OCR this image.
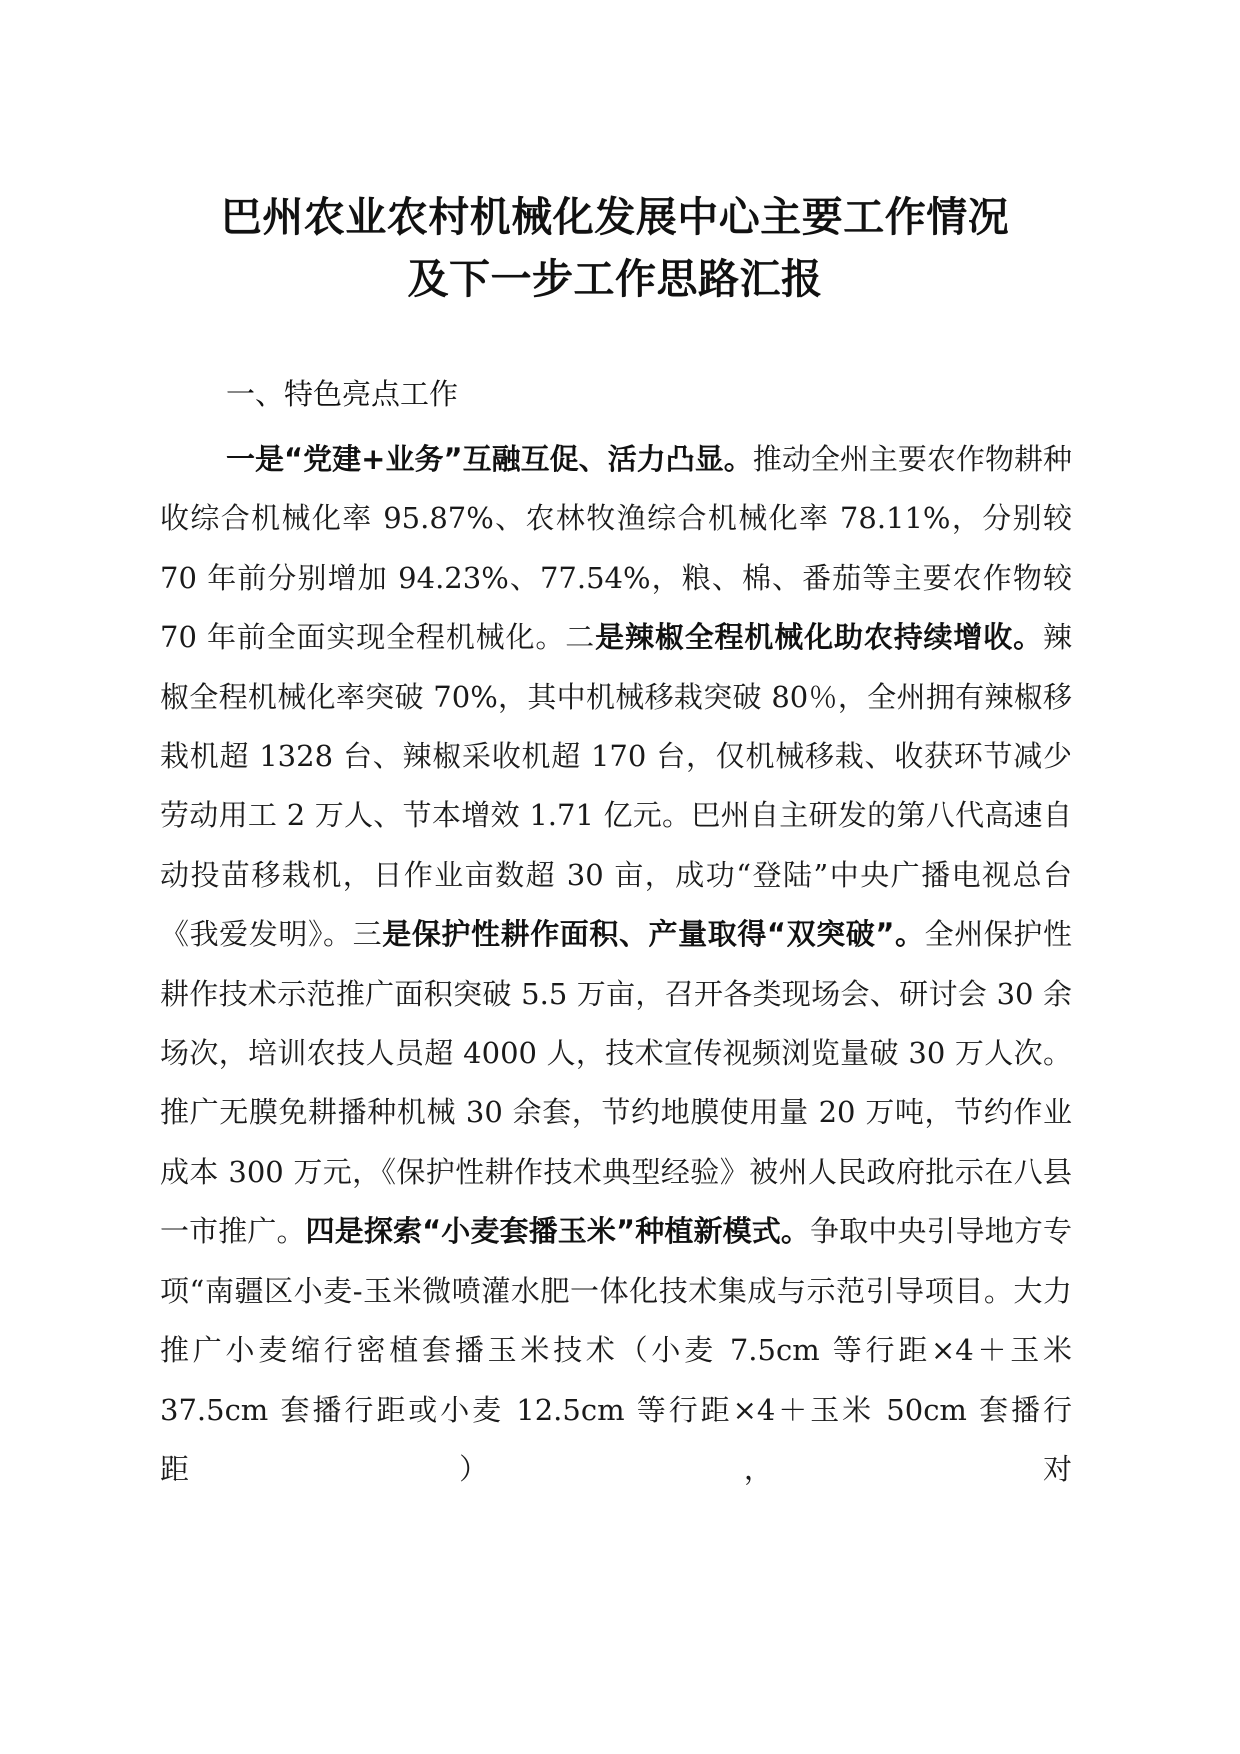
巴州农业农村机械化发展中心主要工作情况
及下一步工作思路汇报
一、特色亮点工作

一是“党建+业务”互融互促、活力凸显。推动全州主要农作物耕种收综合机械化率 95.87%、农林牧渔综合机械化率 78.11%，分别较 70 年前分别增加 94.23%、77.54%，粮、棉、番茄等主要农作物较 70 年前全面实现全程机械化。二是辣椒全程机械化助农持续增收。辣椒全程机械化率突破 70%，其中机械移栽突破 80％，全州拥有辣椒移栽机超 1328 台、辣椒采收机超 170 台，仅机械移栽、收获环节减少劳动用工 2 万人、节本增效 1.71 亿元。巴州自主研发的第八代高速自动投苗移栽机，日作业亩数超 30 亩，成功“登陆”中央广播电视总台《我爱发明》。三是保护性耕作面积、产量取得“双突破”。全州保护性耕作技术示范推广面积突破 5.5 万亩，召开各类现场会、研讨会 30 余场次，培训农技人员超 4000 人，技术宣传视频浏览量破 30 万人次。推广无膜免耕播种机械 30 余套，节约地膜使用量 20 万吨，节约作业成本 300 万元，《保护性耕作技术典型经验》被州人民政府批示在八县一市推广。四是探索“小麦套播玉米”种植新模式。争取中央引导地方专项“南疆区小麦-玉米微喷灌水肥一体化技术集成与示范引导项目。大力推广小麦缩行密植套播玉米技术（小麦 7.5cm 等行距×4＋玉米 37.5cm 套播行距或小麦 12.5cm 等行距×4＋玉米 50cm 套播行距），对
